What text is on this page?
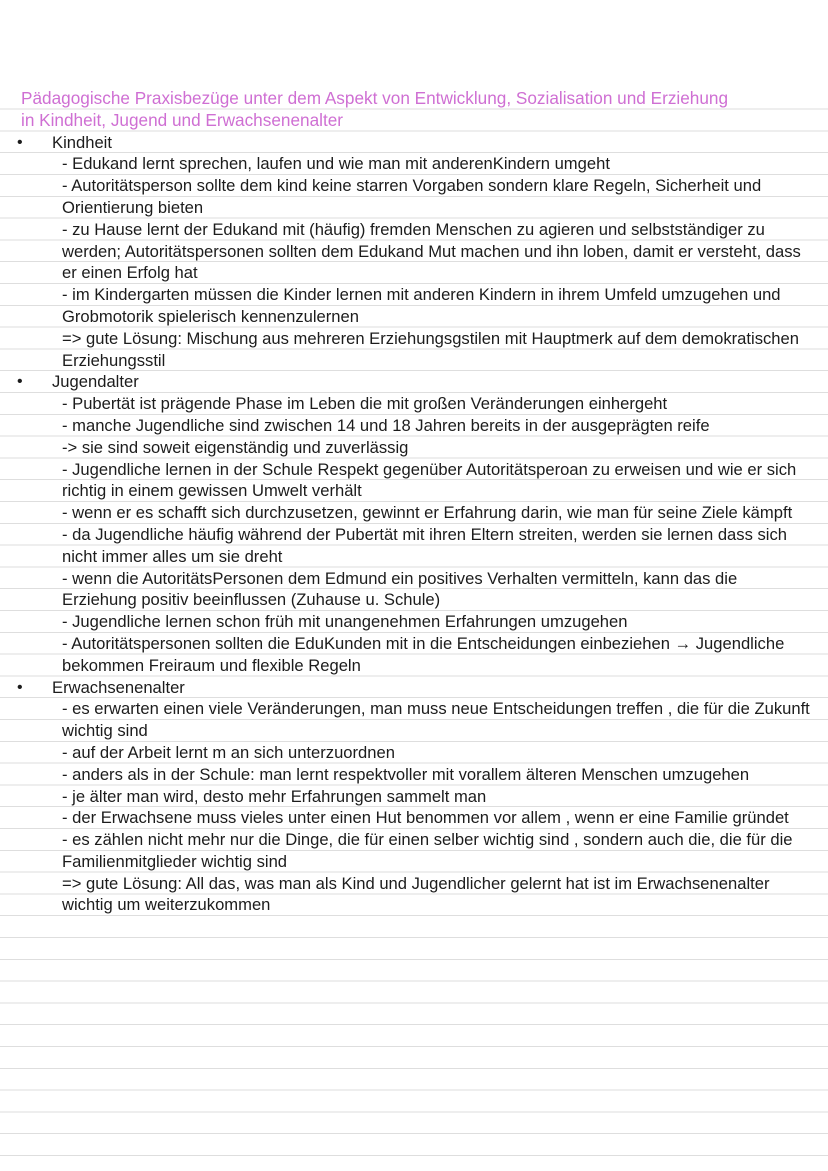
Pädagogische Praxisbezüge unter dem Aspekt von Entwicklung, Sozialisation und Erziehung
in Kindheit, Jugend und Erwachsenenalter
• Kindheit
- Edukand lernt sprechen, laufen und wie man mit anderenKindern umgeht
- Autoritätsperson sollte dem kind keine starren Vorgaben sondern klare Regeln, Sicherheit und Orientierung bieten
- zu Hause lernt der Edukand mit (häufig) fremden Menschen zu agieren und selbstständiger zu werden; Autoritätspersonen sollten dem Edukand Mut machen und ihn loben, damit er versteht, dass er einen Erfolg hat
- im Kindergarten müssen die Kinder lernen mit anderen Kindern in ihrem Umfeld umzugehen und Grobmotorik spielerisch kennenzulernen
=> gute Lösung: Mischung aus mehreren Erziehungsgstilen mit Hauptmerk auf dem demokratischen Erziehungsstil
• Jugendalter
- Pubertät ist prägende Phase im Leben die mit großen Veränderungen einhergeht
- manche Jugendliche sind zwischen 14 und 18 Jahren bereits in der ausgeprägten reife
-> sie sind soweit eigenständig und zuverlässig
- Jugendliche lernen in der Schule Respekt gegenüber Autoritätsperoan zu erweisen und wie er sich richtig in einem gewissen Umwelt verhält
- wenn er es schafft sich durchzusetzen, gewinnt er Erfahrung darin, wie man für seine Ziele kämpft
- da Jugendliche häufig während der Pubertät mit ihren Eltern streiten, werden sie lernen dass sich nicht immer alles um sie dreht
- wenn die AutoritätsPersonen dem Edmund ein positives Verhalten vermitteln, kann das die Erziehung positiv beeinflussen (Zuhause u. Schule)
- Jugendliche lernen schon früh mit unangenehmen Erfahrungen umzugehen
- Autoritätspersonen sollten die EduKunden mit in die Entscheidungen einbeziehen → Jugendliche bekommen Freiraum und flexible Regeln
• Erwachsenenalter
- es erwarten einen viele Veränderungen, man muss neue Entscheidungen treffen , die für die Zukunft wichtig sind
- auf der Arbeit lernt m an sich unterzuordnen
- anders als in der Schule: man lernt respektvoller mit vorallem älteren Menschen umzugehen
- je älter man wird, desto mehr Erfahrungen sammelt man
- der Erwachsene muss vieles unter einen Hut benommen vor allem , wenn er eine Familie gründet
- es zählen nicht mehr nur die Dinge, die für einen selber wichtig sind , sondern auch die, die für die Familienmitglieder wichtig sind
=> gute Lösung: All das, was man als Kind und Jugendlicher gelernt hat ist im Erwachsenenalter wichtig um weiterzukommen
